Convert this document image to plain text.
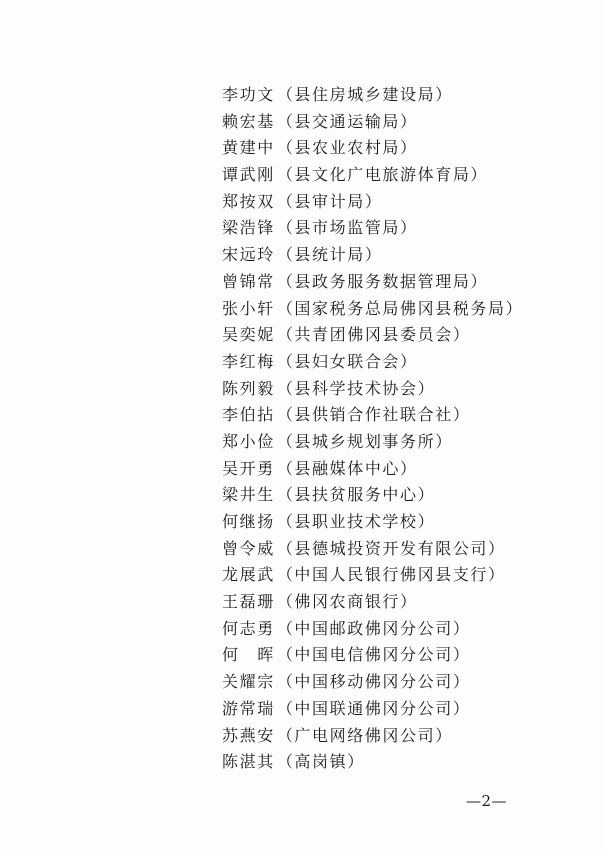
李功文 （县住房城乡建设局）
赖宏基 （县交通运输局）
黄建中 （县农业农村局）
谭武刚 （县文化广电旅游体育局）
郑按双 （县审计局）
梁浩锋 （县市场监管局）
宋远玲 （县统计局）
曾锦常 （县政务服务数据管理局）
张小轩 （国家税务总局佛冈县税务局）
吴奕妮 （共青团佛冈县委员会）
李红梅 （县妇女联合会）
陈列毅 （县科学技术协会）
李伯拈 （县供销合作社联合社）
郑小俭 （县城乡规划事务所）
吴开勇 （县融媒体中心）
梁井生 （县扶贫服务中心）
何继扬 （县职业技术学校）
曾令威 （县德城投资开发有限公司）
龙展武 （中国人民银行佛冈县支行）
王磊珊 （佛冈农商银行）
何志勇 （中国邮政佛冈分公司）
何　晖 （中国电信佛冈分公司）
关耀宗 （中国移动佛冈分公司）
游常瑞 （中国联通佛冈分公司）
苏燕安 （广电网络佛冈公司）
陈湛其 （高岗镇）
—2—
